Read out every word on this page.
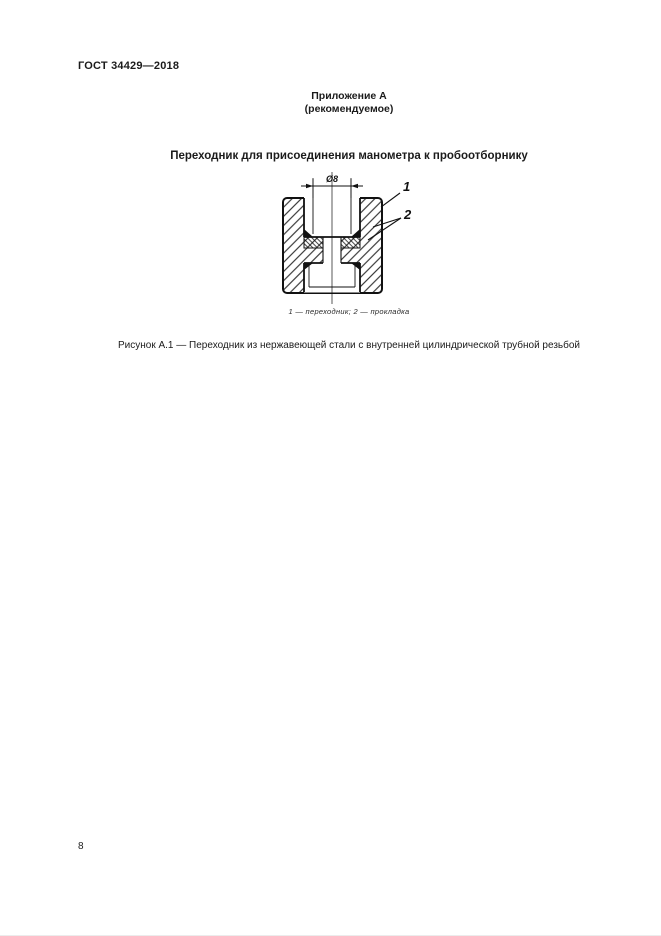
ГОСТ 34429—2018
Приложение А
(рекомендуемое)
Переходник для присоединения манометра к пробоотборнику
Ø8	1
2
1 — переходник; 2 — прокладка
Рисунок А.1 — Переходник из нержавеющей стали с внутренней цилиндрической трубной резьбой
8
